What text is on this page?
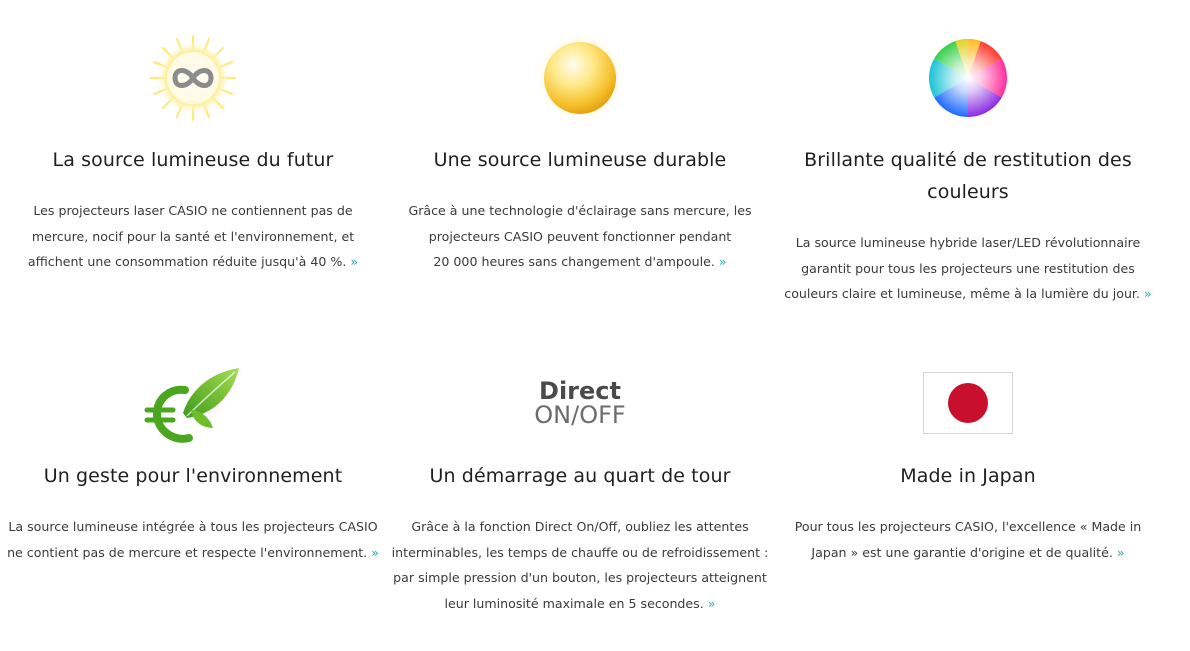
La source lumineuse du futur

Les projecteurs laser CASIO ne contiennent pas de
mercure, nocif pour la santé et l'environnement, et
affichent une consommation réduite jusqu'à 40 %. »

Une source lumineuse durable

Grâce à une technologie d'éclairage sans mercure, les
projecteurs CASIO peuvent fonctionner pendant
20 000 heures sans changement d'ampoule. »

Brillante qualité de restitution des
couleurs

La source lumineuse hybride laser/LED révolutionnaire
garantit pour tous les projecteurs une restitution des
couleurs claire et lumineuse, même à la lumière du jour. »

Un geste pour l'environnement

La source lumineuse intégrée à tous les projecteurs CASIO
ne contient pas de mercure et respecte l'environnement. »

Direct
ON/OFF
Un démarrage au quart de tour

Grâce à la fonction Direct On/Off, oubliez les attentes
interminables, les temps de chauffe ou de refroidissement :
par simple pression d'un bouton, les projecteurs atteignent
leur luminosité maximale en 5 secondes. »

Made in Japan

Pour tous les projecteurs CASIO, l'excellence « Made in
Japan » est une garantie d'origine et de qualité. »
